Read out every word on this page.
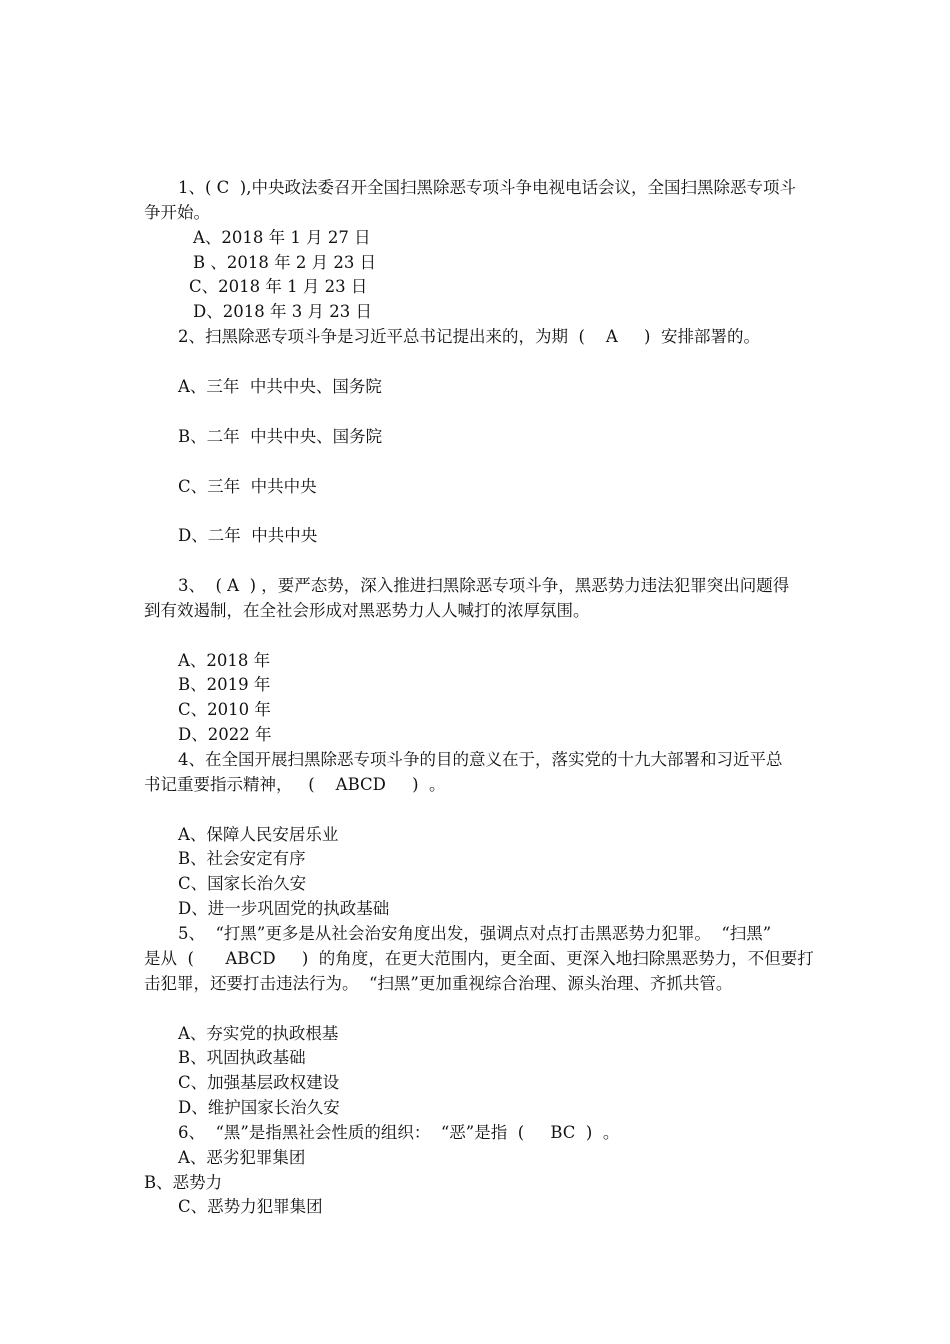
1、( C  ),中央政法委召开全国扫黑除恶专项斗争电视电话会议，全国扫黑除恶专项斗
争开始。
A、2018 年 1 月 27 日
B 、2018 年 2 月 23 日
C、2018 年 1 月 23 日
D、2018 年 3 月 23 日
2、扫黑除恶专项斗争是习近平总书记提出来的，为期  (    A     )  安排部署的。
A、三年  中共中央、国务院
B、二年  中共中央、国务院
C、三年  中共中央
D、二年  中共中央
3、  ( A  ) ，要严态势，深入推进扫黑除恶专项斗争，黑恶势力违法犯罪突出问题得
到有效遏制，在全社会形成对黑恶势力人人喊打的浓厚氛围。
A、2018 年
B、2019 年
C、2010 年
D、2022 年
4、在全国开展扫黑除恶专项斗争的目的意义在于，落实党的十九大部署和习近平总
书记重要指示精神，   (    ABCD     )  。
A、保障人民安居乐业
B、社会安定有序
C、国家长治久安
D、进一步巩固党的执政基础
5、  “打黑”更多是从社会治安角度出发，强调点对点打击黑恶势力犯罪。  “扫黑”
是从  (      ABCD     )  的角度，在更大范围内，更全面、更深入地扫除黑恶势力，不但要打
击犯罪，还要打击违法行为。  “扫黑”更加重视综合治理、源头治理、齐抓共管。
A、夯实党的执政根基
B、巩固执政基础
C、加强基层政权建设
D、维护国家长治久安
6、  “黑”是指黑社会性质的组织：  “恶”是指  (     BC  )  。
A、恶劣犯罪集团
B、恶势力
C、恶势力犯罪集团
